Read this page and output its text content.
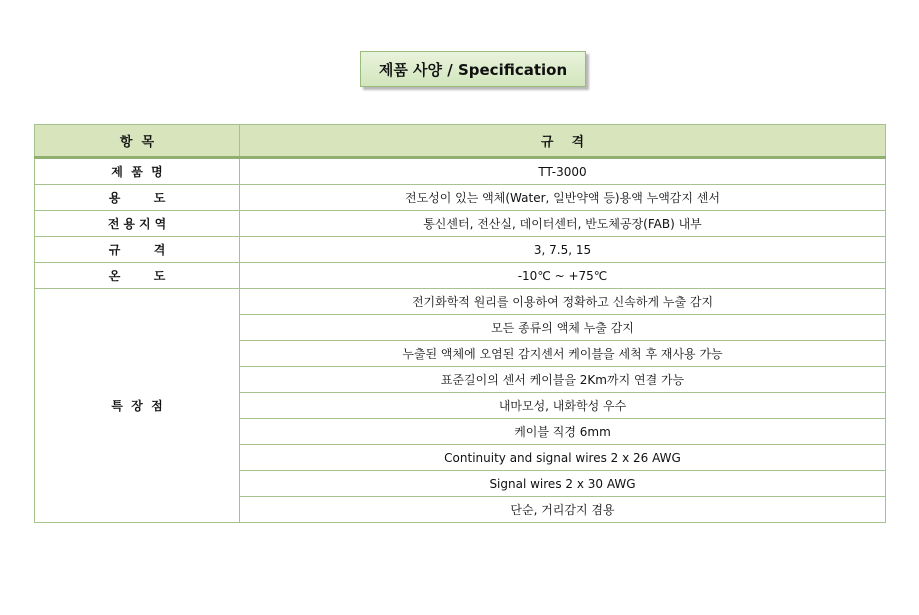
제품 사양 / Specification
항  목	규    격
제  품  명	TT-3000
용        도	전도성이 있는 액체(Water, 일반약액 등)용액 누액감지 센서
전용지역	통신센터, 전산실, 데이터센터, 반도체공장(FAB) 내부
규        격	3, 7.5, 15
온        도	-10℃ ~ +75℃
특  장  점	전기화학적 원리를 이용하여 정확하고 신속하게 누출 감지
	모든 종류의 액체 누출 감지
	누출된 액체에 오염된 감지센서 케이블을 세척 후 재사용 가능
	표준길이의 센서 케이블을 2Km까지 연결 가능
	내마모성, 내화학성 우수
	케이블 직경 6mm
	Continuity and signal wires 2 x 26 AWG
	Signal wires 2 x 30 AWG
	단순, 거리감지 겸용
